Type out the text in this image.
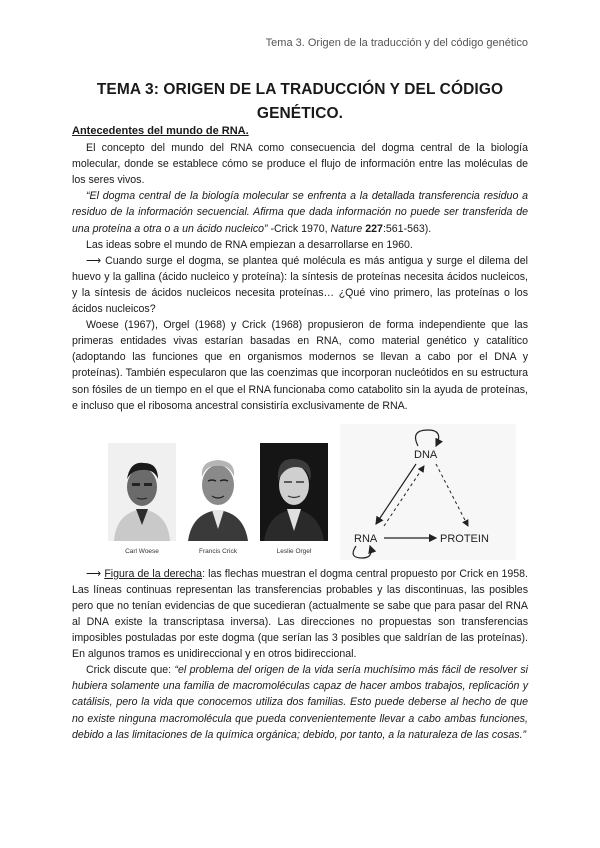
Tema 3. Origen de la traducción y del código genético
TEMA 3: ORIGEN DE LA TRADUCCIÓN Y DEL CÓDIGO GENÉTICO.
Antecedentes del mundo de RNA.

El concepto del mundo del RNA como consecuencia del dogma central de la biología molecular, donde se establece cómo se produce el flujo de información entre las moléculas de los seres vivos.

“El dogma central de la biología molecular se enfrenta a la detallada transferencia residuo a residuo de la información secuencial. Afirma que dada información no puede ser transferida de una proteína a otra o a un ácido nucleico” -Crick 1970, Nature 227:561-563).

Las ideas sobre el mundo de RNA empiezan a desarrollarse en 1960.

⟶ Cuando surge el dogma, se plantea qué molécula es más antigua y surge el dilema del huevo y la gallina (ácido nucleico y proteína): la síntesis de proteínas necesita ácidos nucleicos, y la síntesis de ácidos nucleicos necesita proteínas… ¿Qué vino primero, las proteínas o los ácidos nucleicos?

Woese (1967), Orgel (1968) y Crick (1968) propusieron de forma independiente que las primeras entidades vivas estarían basadas en RNA, como material genético y catalítico (adoptando las funciones que en organismos modernos se llevan a cabo por el DNA y proteínas). También especularon que las coenzimas que incorporan nucleótidos en su estructura son fósiles de un tiempo en el que el RNA funcionaba como catabolito sin la ayuda de proteínas, e incluso que el ribosoma ancestral consistiría exclusivamente de RNA.

Carl Woese	Francis Crick	Leslie Orgel
DNA
RNA	PROTEIN

⟶ Figura de la derecha: las flechas muestran el dogma central propuesto por Crick en 1958. Las líneas continuas representan las transferencias probables y las discontinuas, las posibles pero que no tenían evidencias de que sucedieran (actualmente se sabe que para pasar del RNA al DNA existe la transcriptasa inversa). Las direcciones no propuestas son transferencias imposibles postuladas por este dogma (que serían las 3 posibles que saldrían de las proteínas). En algunos tramos es unidireccional y en otros bidireccional.

Crick discute que: “el problema del origen de la vida sería muchísimo más fácil de resolver si hubiera solamente una familia de macromoléculas capaz de hacer ambos trabajos, replicación y catálisis, pero la vida que conocemos utiliza dos familias. Esto puede deberse al hecho de que no existe ninguna macromolécula que pueda convenientemente llevar a cabo ambas funciones, debido a las limitaciones de la química orgánica; debido, por tanto, a la naturaleza de las cosas.”
